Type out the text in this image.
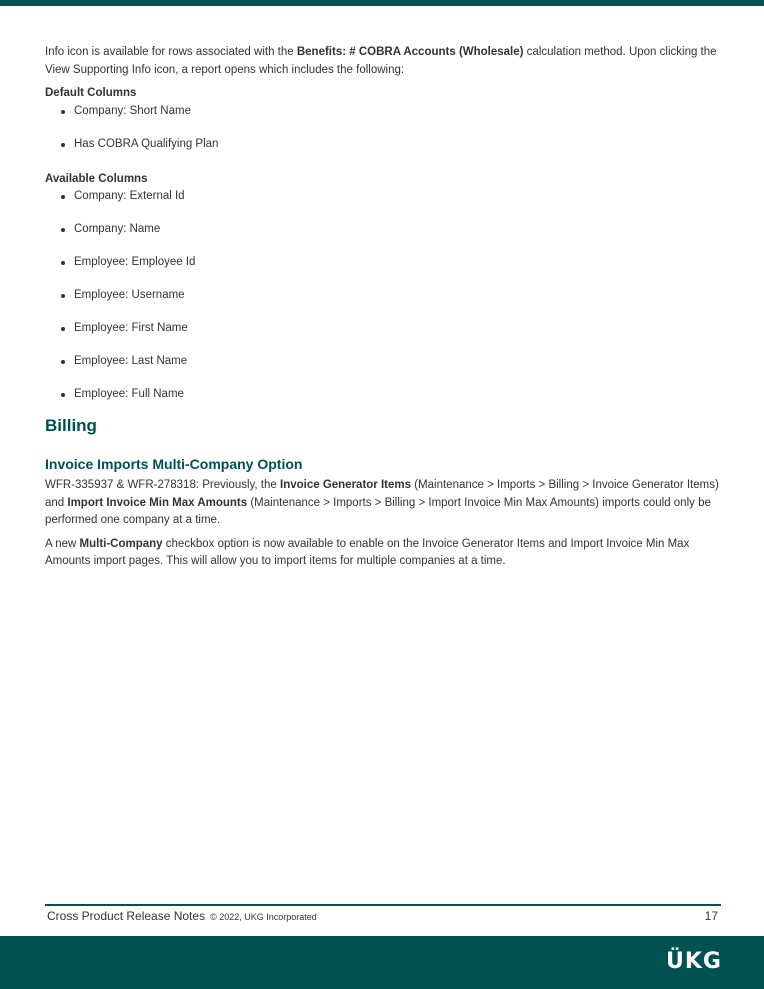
Info icon is available for rows associated with the Benefits: # COBRA Accounts (Wholesale) calculation method. Upon clicking the View Supporting Info icon, a report opens which includes the following:

Default Columns
Company: Short Name
Has COBRA Qualifying Plan
Available Columns
Company: External Id
Company: Name
Employee: Employee Id
Employee: Username
Employee: First Name
Employee: Last Name
Employee: Full Name
Billing
Invoice Imports Multi-Company Option

WFR-335937 & WFR-278318: Previously, the Invoice Generator Items (Maintenance > Imports > Billing > Invoice Generator Items) and Import Invoice Min Max Amounts (Maintenance > Imports > Billing > Import Invoice Min Max Amounts) imports could only be performed one company at a time.

A new Multi-Company checkbox option is now available to enable on the Invoice Generator Items and Import Invoice Min Max Amounts import pages. This will allow you to import items for multiple companies at a time.

Cross Product Release Notes © 2022, UKG Incorporated	17
ÜKG
